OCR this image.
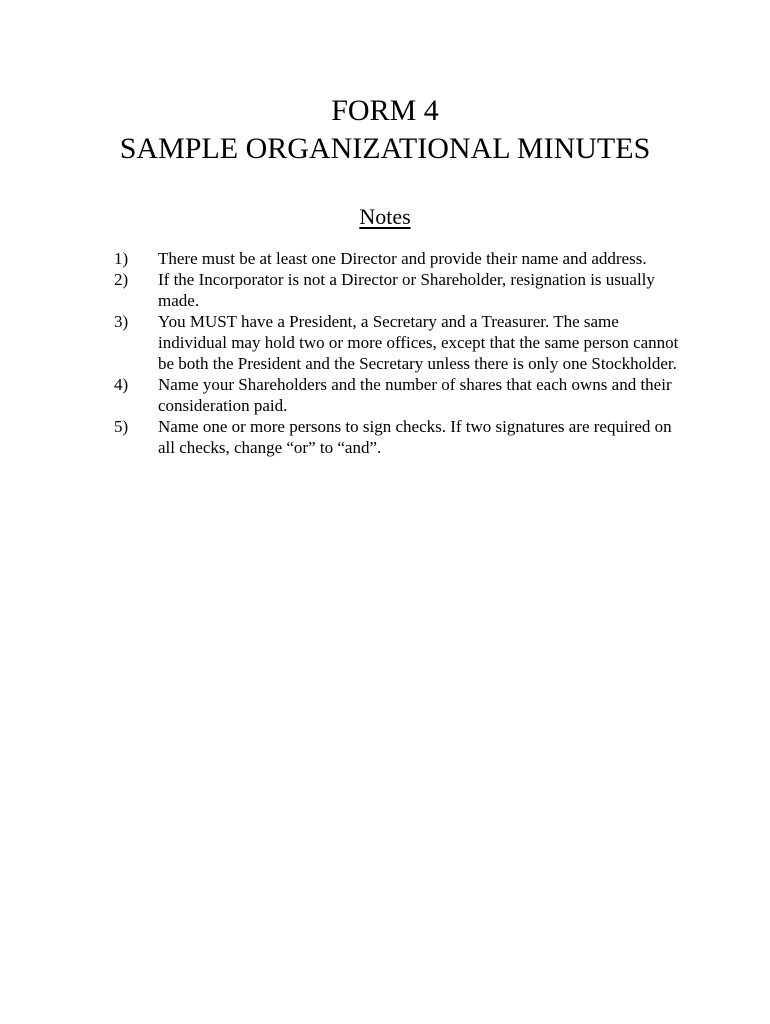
FORM 4
SAMPLE ORGANIZATIONAL MINUTES
Notes
1)	There must be at least one Director and provide their name and address.
2)	If the Incorporator is not a Director or Shareholder, resignation is usually made.
3)	You MUST have a President, a Secretary and a Treasurer. The same individual may hold two or more offices, except that the same person cannot be both the President and the Secretary unless there is only one Stockholder.
4)	Name your Shareholders and the number of shares that each owns and their consideration paid.
5)	Name one or more persons to sign checks. If two signatures are required on all checks, change “or” to “and”.
